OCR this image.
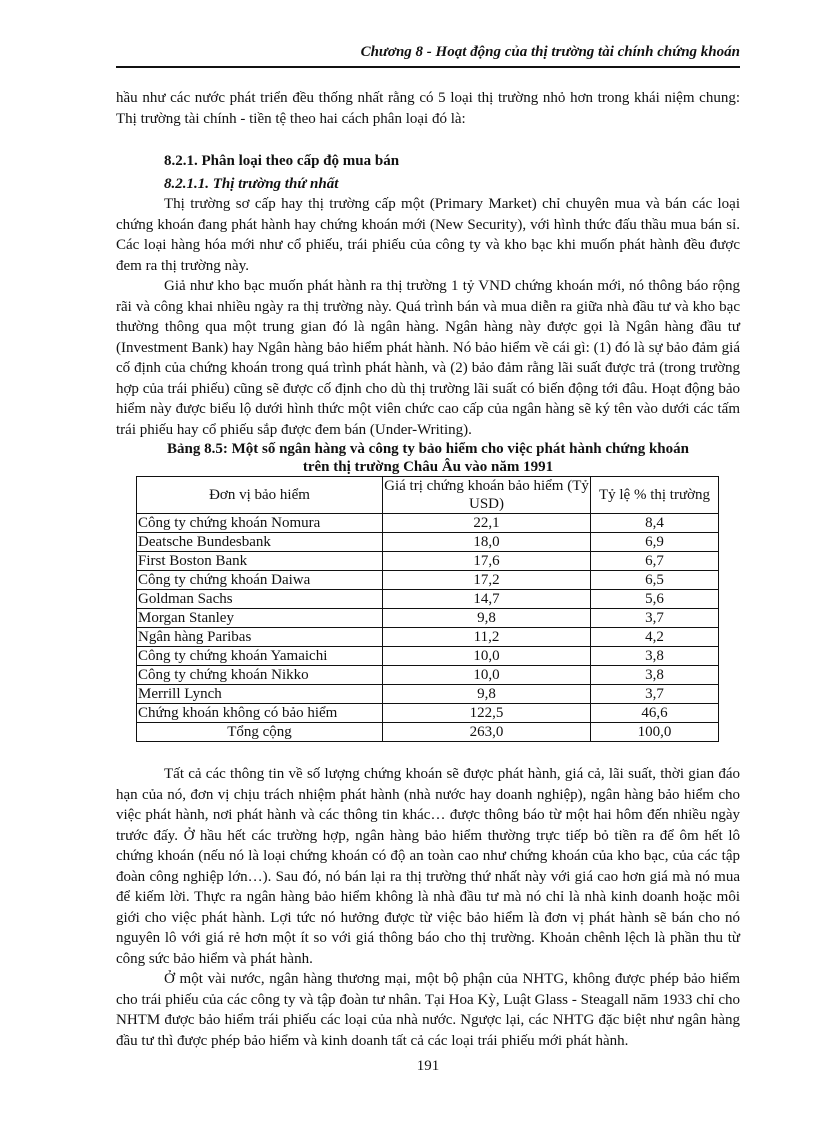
Chương 8 - Hoạt động của thị trường tài chính chứng khoán

hầu như các nước phát triển đều thống nhất rằng có 5 loại thị trường nhỏ hơn trong khái niệm chung: Thị trường tài chính - tiền tệ theo hai cách phân loại đó là:

8.2.1. Phân loại theo cấp độ mua bán
8.2.1.1. Thị trường thứ nhất

Thị trường sơ cấp hay thị trường cấp một (Primary Market) chỉ chuyên mua và bán các loại chứng khoán đang phát hành hay chứng khoán mới (New Security), với hình thức đấu thầu mua bán sỉ. Các loại hàng hóa mới như cổ phiếu, trái phiếu của công ty và kho bạc khi muốn phát hành đều được đem ra thị trường này.

Giả như kho bạc muốn phát hành ra thị trường 1 tỷ VND chứng khoán mới, nó thông báo rộng rãi và công khai nhiều ngày ra thị trường này. Quá trình bán và mua diễn ra giữa nhà đầu tư và kho bạc thường thông qua một trung gian đó là ngân hàng. Ngân hàng này được gọi là Ngân hàng đầu tư (Investment Bank) hay Ngân hàng bảo hiểm phát hành. Nó bảo hiểm về cái gì: (1) đó là sự bảo đảm giá cố định của chứng khoán trong quá trình phát hành, và (2) bảo đảm rằng lãi suất được trả (trong trường hợp của trái phiếu) cũng sẽ được cố định cho dù thị trường lãi suất có biến động tới đâu. Hoạt động bảo hiểm này được biểu lộ dưới hình thức một viên chức cao cấp của ngân hàng sẽ ký tên vào dưới các tấm trái phiếu hay cổ phiếu sắp được đem bán (Under-Writing).

Bảng 8.5: Một số ngân hàng và công ty bảo hiểm cho việc phát hành chứng khoán

trên thị trường Châu Âu vào năm 1991

Đơn vị bảo hiểm	Giá trị chứng khoán bảo hiểm (Tỷ USD)	Tỷ lệ % thị trường
Công ty chứng khoán Nomura	22,1	8,4
Deatsche Bundesbank	18,0	6,9
First Boston Bank	17,6	6,7
Công ty chứng khoán Daiwa	17,2	6,5
Goldman Sachs	14,7	5,6
Morgan Stanley	9,8	3,7
Ngân hàng Paribas	11,2	4,2
Công ty chứng khoán Yamaichi	10,0	3,8
Công ty chứng khoán Nikko	10,0	3,8
Merrill Lynch	9,8	3,7
Chứng khoán không có bảo hiểm	122,5	46,6
Tổng cộng	263,0	100,0

Tất cả các thông tin về số lượng chứng khoán sẽ được phát hành, giá cả, lãi suất, thời gian đáo hạn của nó, đơn vị chịu trách nhiệm phát hành (nhà nước hay doanh nghiệp), ngân hàng bảo hiểm cho việc phát hành, nơi phát hành và các thông tin khác… được thông báo từ một hai hôm đến nhiều ngày trước đấy. Ở hầu hết các trường hợp, ngân hàng bảo hiểm thường trực tiếp bỏ tiền ra để ôm hết lô chứng khoán (nếu nó là loại chứng khoán có độ an toàn cao như chứng khoán của kho bạc, của các tập đoàn công nghiệp lớn…). Sau đó, nó bán lại ra thị trường thứ nhất này với giá cao hơn giá mà nó mua để kiếm lời. Thực ra ngân hàng bảo hiểm không là nhà đầu tư mà nó chỉ là nhà kinh doanh hoặc môi giới cho việc phát hành. Lợi tức nó hưởng được từ việc bảo hiểm là đơn vị phát hành sẽ bán cho nó nguyên lô với giá rẻ hơn một ít so với giá thông báo cho thị trường. Khoản chênh lệch là phần thu từ công sức bảo hiểm và phát hành.

Ở một vài nước, ngân hàng thương mại, một bộ phận của NHTG, không được phép bảo hiểm cho trái phiếu của các công ty và tập đoàn tư nhân. Tại Hoa Kỳ, Luật Glass - Steagall năm 1933 chỉ cho NHTM được bảo hiểm trái phiếu các loại của nhà nước. Ngược lại, các NHTG đặc biệt như ngân hàng đầu tư thì được phép bảo hiểm và kinh doanh tất cả các loại trái phiếu mới phát hành.

191
